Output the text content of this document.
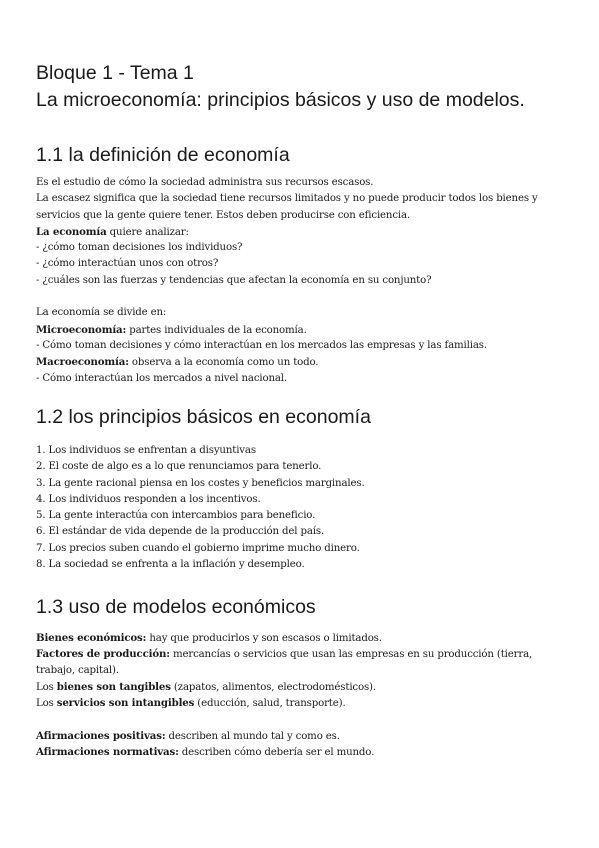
Bloque 1 - Tema 1
La microeconomía: principios básicos y uso de modelos.
1.1 la definición de economía
Es el estudio de cómo la sociedad administra sus recursos escasos.
La escasez significa que la sociedad tiene recursos limitados y no puede producir todos los bienes y
servicios que la gente quiere tener. Estos deben producirse con eficiencia.
La economía quiere analizar:
- ¿cómo toman decisiones los individuos?
- ¿cómo interactúan unos con otros?
- ¿cuáles son las fuerzas y tendencias que afectan la economía en su conjunto?
La economía se divide en:
Microeconomía: partes individuales de la economía.
- Cómo toman decisiones y cómo interactúan en los mercados las empresas y las familias.
Macroeconomía: observa a la economía como un todo.
- Cómo interactúan los mercados a nivel nacional.
1.2 los principios básicos en economía
1. Los individuos se enfrentan a disyuntivas
2. El coste de algo es a lo que renunciamos para tenerlo.
3. La gente racional piensa en los costes y beneficios marginales.
4. Los individuos responden a los incentivos.
5. La gente interactúa con intercambios para beneficio.
6. El estándar de vida depende de la producción del país.
7. Los precios suben cuando el gobierno imprime mucho dinero.
8. La sociedad se enfrenta a la inflación y desempleo.
1.3 uso de modelos económicos
Bienes económicos: hay que producirlos y son escasos o limitados.
Factores de producción: mercancías o servicios que usan las empresas en su producción (tierra,
trabajo, capital).
Los bienes son tangibles (zapatos, alimentos, electrodomésticos).
Los servicios son intangibles (educción, salud, transporte).
Afirmaciones positivas: describen al mundo tal y como es.
Afirmaciones normativas: describen cómo debería ser el mundo.
